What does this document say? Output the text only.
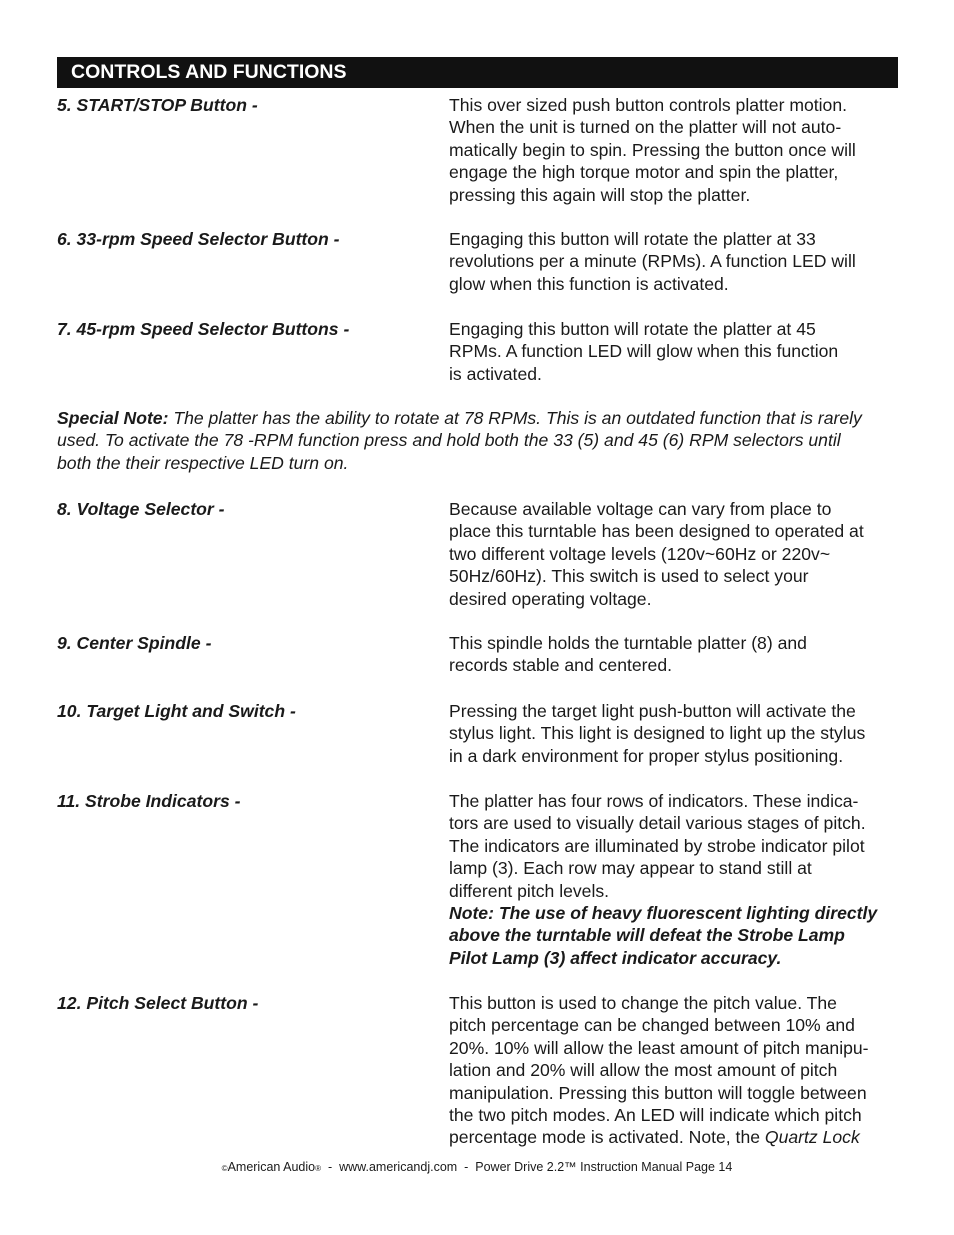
CONTROLS AND FUNCTIONS
5. START/STOP Button -	This over sized push button controls platter motion.

When the unit is turned on the platter will not auto-

matically begin to spin. Pressing the button once will

engage the high torque motor and spin the platter,

pressing this again will stop the platter.

6. 33-rpm Speed Selector Button -	Engaging this button will rotate the platter at 33

revolutions per a minute (RPMs). A function LED will

glow when this function is activated.

7. 45-rpm Speed Selector Buttons -	Engaging this button will rotate the platter at 45

RPMs. A function LED will glow when this function

is activated.

Special Note: The platter has the ability to rotate at 78 RPMs. This is an outdated function that is rarely
used. To activate the 78 -RPM function press and hold both the 33 (5) and 45 (6) RPM selectors until
both the their respective LED turn on.
8. Voltage Selector -	Because available voltage can vary from place to

place this turntable has been designed to operated at

two different voltage levels (120v~60Hz or 220v~

50Hz/60Hz). This switch is used to select your

desired operating voltage.

9. Center Spindle -	This spindle holds the turntable platter (8) and

records stable and centered.

10. Target Light and Switch -	Pressing the target light push-button will activate the

stylus light. This light is designed to light up the stylus

in a dark environment for proper stylus positioning.

11. Strobe Indicators -	The platter has four rows of indicators. These indica-

tors are used to visually detail various stages of pitch.

The indicators are illuminated by strobe indicator pilot

lamp (3). Each row may appear to stand still at

different pitch levels.

Note: The use of heavy fluorescent lighting directly

above the turntable will defeat the Strobe Lamp

Pilot Lamp (3) affect indicator accuracy.

12. Pitch Select Button -	This button is used to change the pitch value. The

pitch percentage can be changed between 10% and

20%. 10% will allow the least amount of pitch manipu-

lation and 20% will allow the most amount of pitch

manipulation. Pressing this button will toggle between

the two pitch modes. An LED will indicate which pitch

percentage mode is activated. Note, the Quartz Lock

©American Audio®  -  www.americandj.com  -  Power Drive 2.2™ Instruction Manual Page 14
